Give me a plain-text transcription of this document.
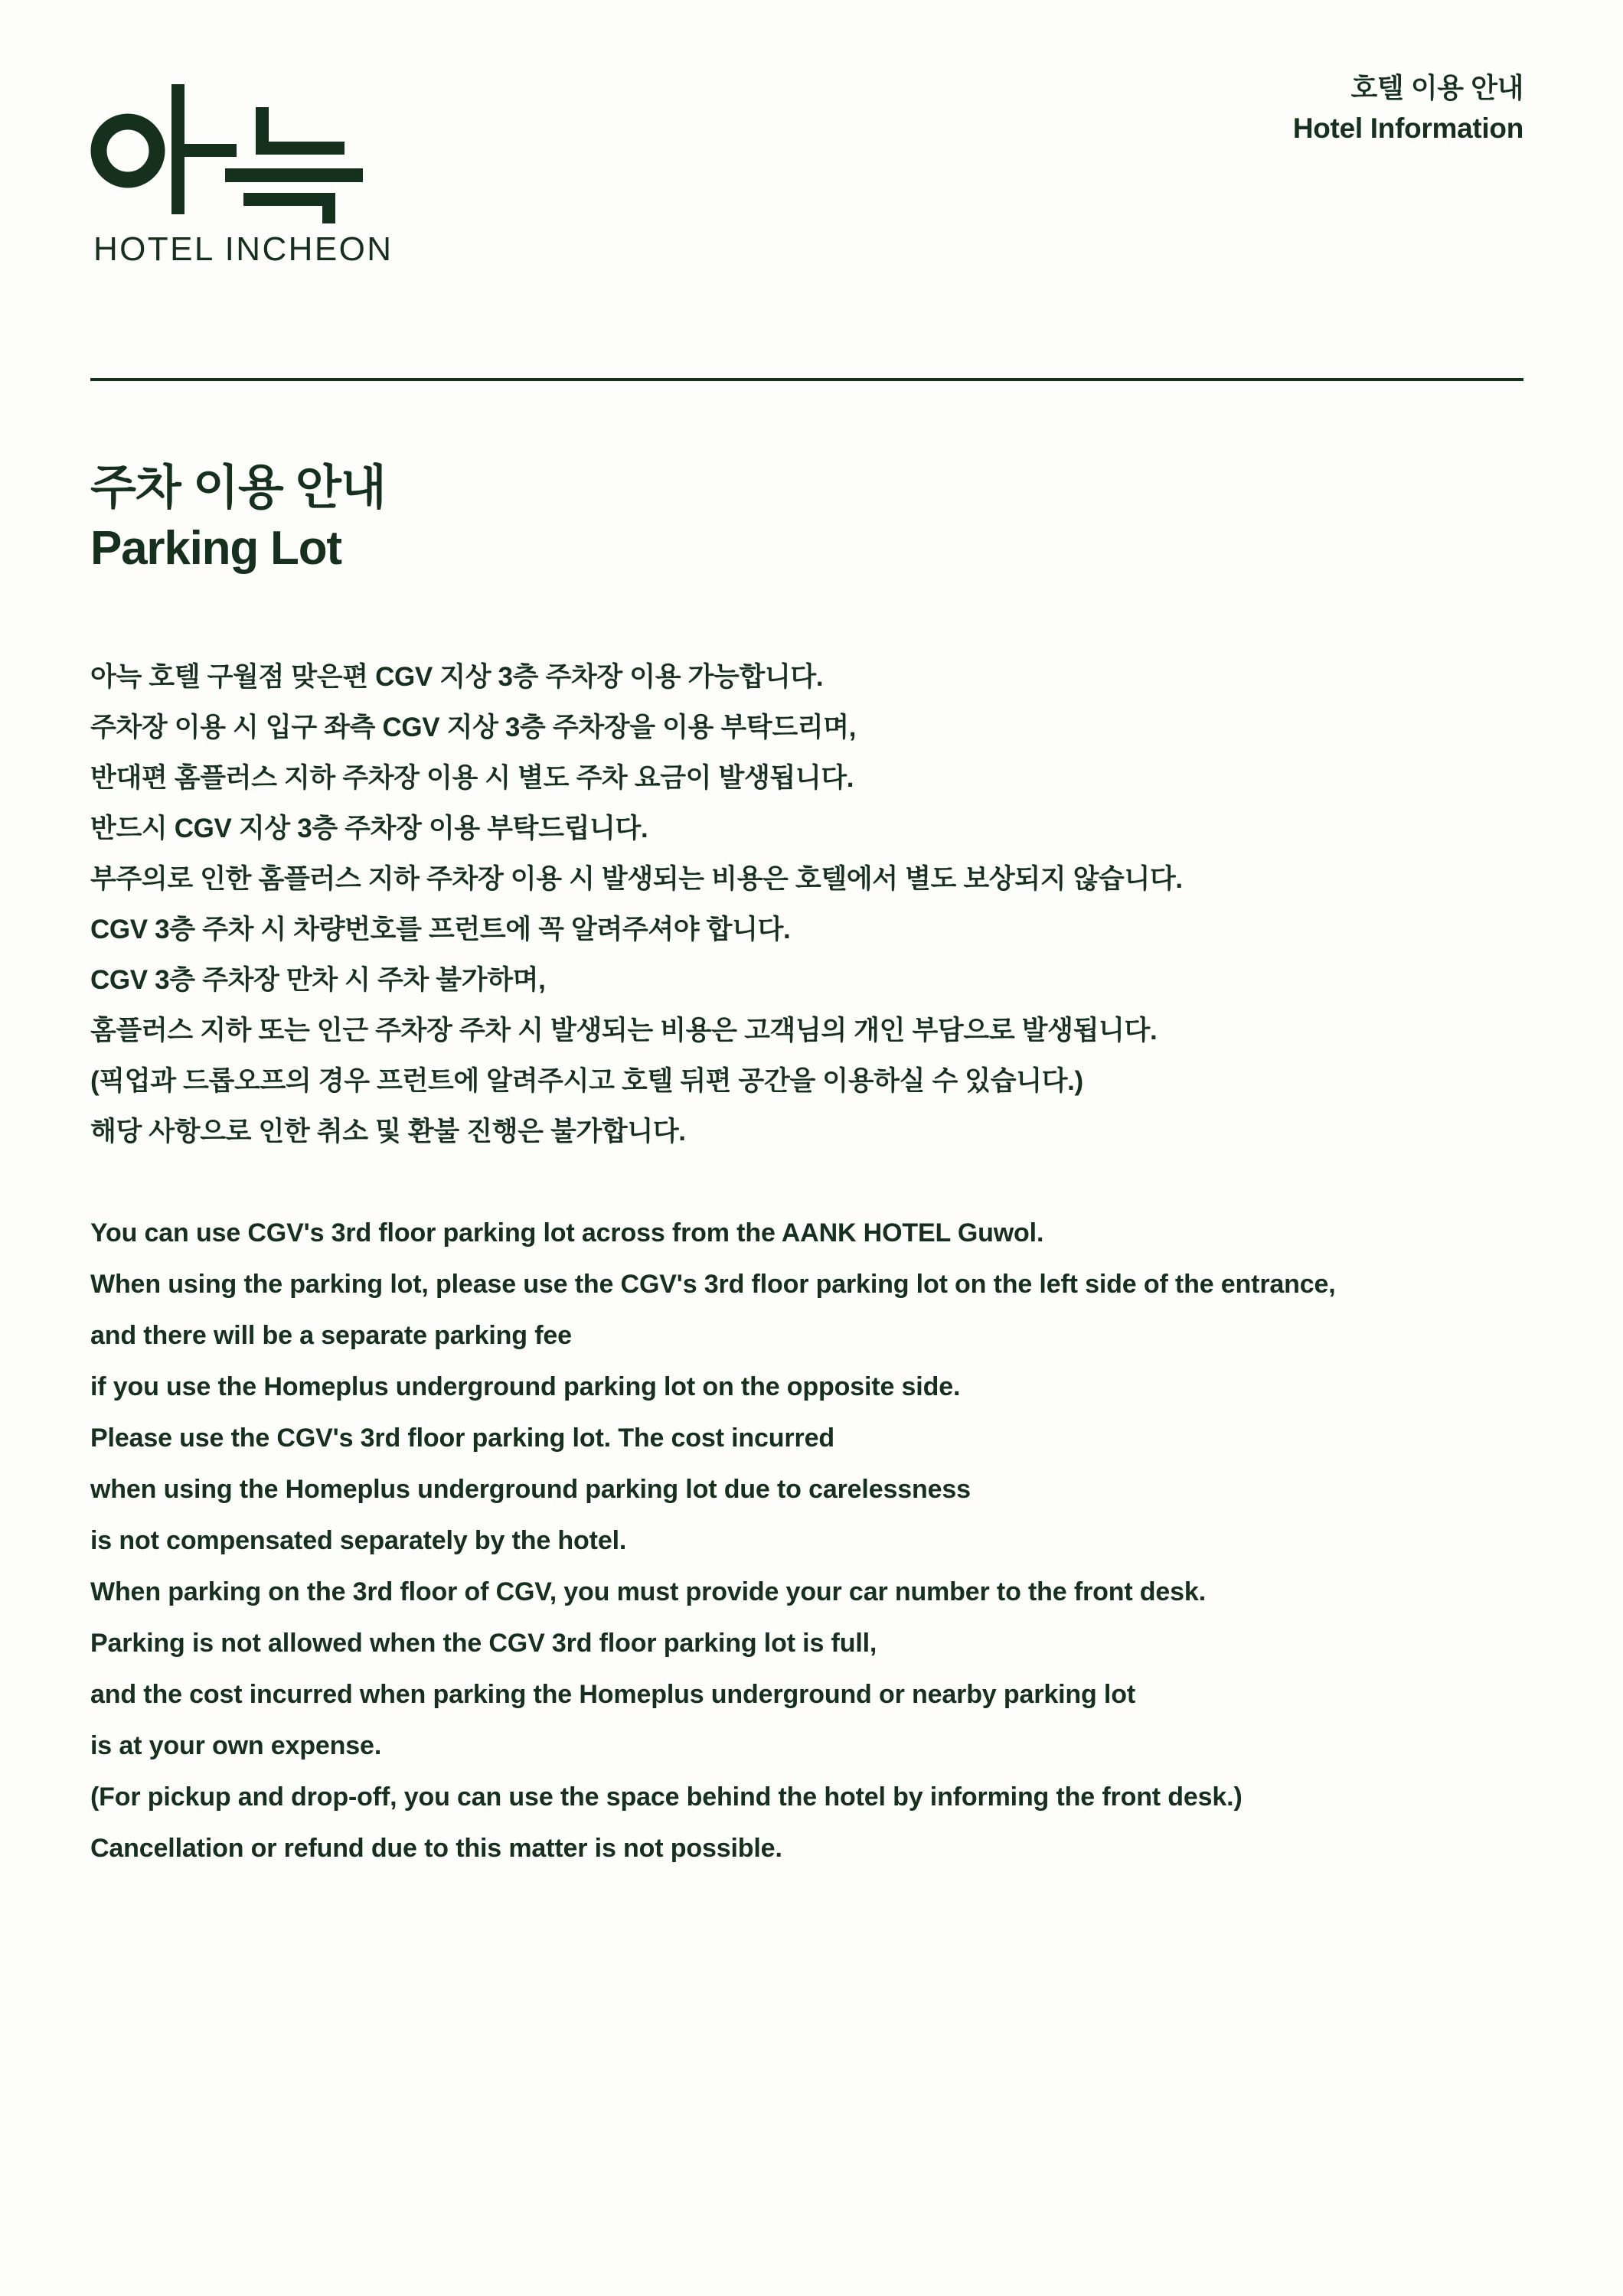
HOTEL INCHEON
호텔 이용 안내
Hotel Information
주차 이용 안내
Parking Lot
아늑 호텔 구월점 맞은편 CGV 지상 3층 주차장 이용 가능합니다.
주차장 이용 시 입구 좌측 CGV 지상 3층 주차장을 이용 부탁드리며,
반대편 홈플러스 지하 주차장 이용 시 별도 주차 요금이 발생됩니다.
반드시 CGV 지상 3층 주차장 이용 부탁드립니다.
부주의로 인한 홈플러스 지하 주차장 이용 시 발생되는 비용은 호텔에서 별도 보상되지 않습니다.
CGV 3층 주차 시 차량번호를 프런트에 꼭 알려주셔야 합니다.
CGV 3층 주차장 만차 시 주차 불가하며,
홈플러스 지하 또는 인근 주차장 주차 시 발생되는 비용은 고객님의 개인 부담으로 발생됩니다.
(픽업과 드롭오프의 경우 프런트에 알려주시고 호텔 뒤편 공간을 이용하실 수 있습니다.)
해당 사항으로 인한 취소 및 환불 진행은 불가합니다.
You can use CGV's 3rd floor parking lot across from the AANK HOTEL Guwol.
When using the parking lot, please use the CGV's 3rd floor parking lot on the left side of the entrance,
and there will be a separate parking fee
if you use the Homeplus underground parking lot on the opposite side.
Please use the CGV's 3rd floor parking lot. The cost incurred
when using the Homeplus underground parking lot due to carelessness
is not compensated separately by the hotel.
When parking on the 3rd floor of CGV, you must provide your car number to the front desk.
Parking is not allowed when the CGV 3rd floor parking lot is full,
and the cost incurred when parking the Homeplus underground or nearby parking lot
is at your own expense.
(For pickup and drop-off, you can use the space behind the hotel by informing the front desk.)
Cancellation or refund due to this matter is not possible.
